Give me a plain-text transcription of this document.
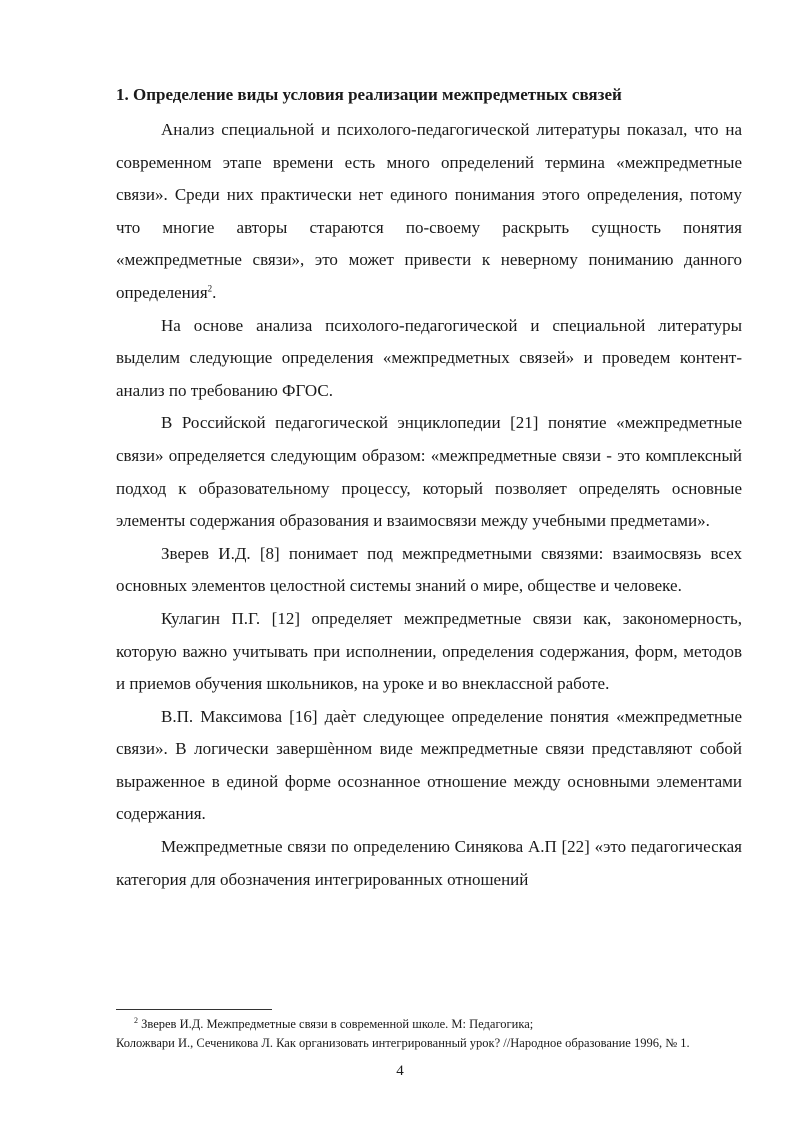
1. Определение виды условия реализации межпредметных связей

Анализ специальной и психолого-педагогической литературы показал, что на современном этапе времени есть много определений термина «межпредметные связи». Среди них практически нет единого понимания этого определения, потому что многие авторы стараются по-своему раскрыть сущность понятия «межпредметные связи», это может привести к неверному пониманию данного определения$^2$.

На основе анализа психолого-педагогической и специальной литературы выделим следующие определения «межпредметных связей» и проведем контент-анализ по требованию ФГОС.

В Российской педагогической энциклопедии [21] понятие «межпредметные связи» определяется следующим образом: «межпредметные связи - это комплексный подход к образовательному процессу, который позволяет определять основные элементы содержания образования и взаимосвязи между учебными предметами».

Зверев И.Д. [8] понимает под межпредметными связями: взаимосвязь всех основных элементов целостной системы знаний о мире, обществе и человеке.

Кулагин П.Г. [12] определяет межпредметные связи как, закономерность, которую важно учитывать при исполнении, определения содержания, форм, методов и приемов обучения школьников, на уроке и во внеклассной работе.

В.П. Максимова [16] даѐт следующее определение понятия «межпредметные связи». В логически завершѐнном виде межпредметные связи представляют собой выраженное в единой форме осознанное отношение между основными элементами содержания.

Межпредметные связи по определению Синякова А.П [22] «это педагогическая категория для обозначения интегрированных отношений

$^2$ Зверев И.Д. Межпредметные связи в современной школе. М: Педагогика;
Коложвари И., Сеченикова Л. Как организовать интегрированный урок? //Народное образование 1996, № 1.
4
